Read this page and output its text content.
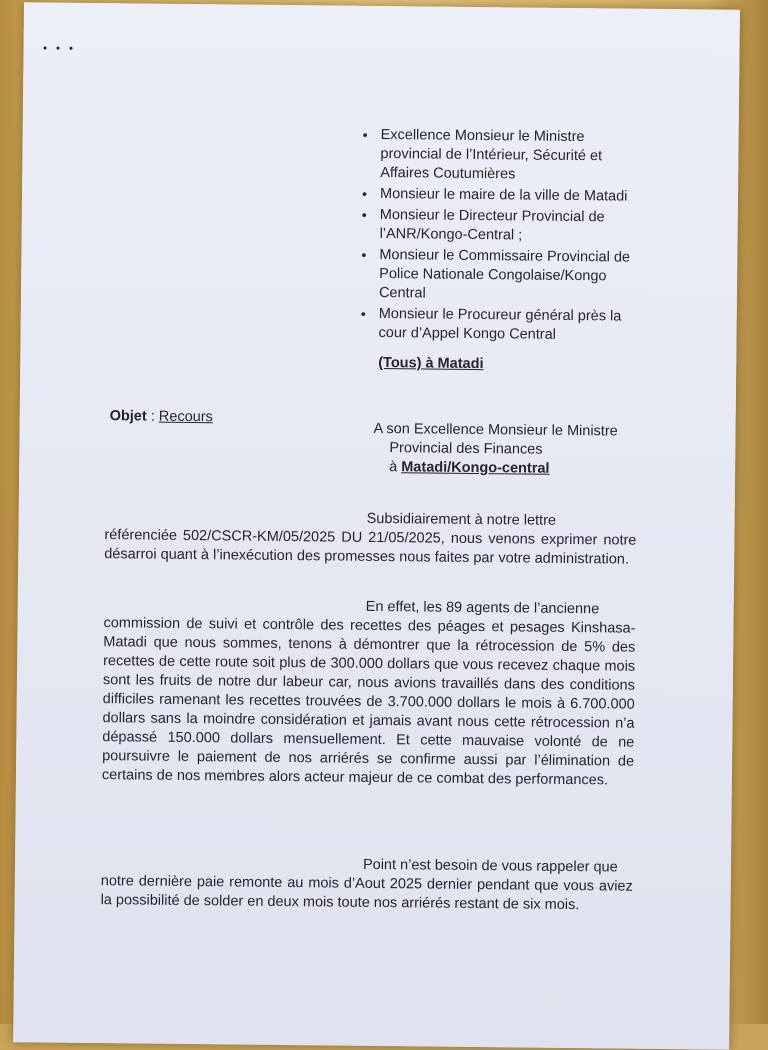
• Excellence Monsieur le Ministre provincial de l’Intérieur, Sécurité et Affaires Coutumières
• Monsieur le maire de la ville de Matadi
• Monsieur le Directeur Provincial de l’ANR/Kongo-Central ;
• Monsieur le Commissaire Provincial de Police Nationale Congolaise/Kongo Central
• Monsieur le Procureur général près la cour d’Appel Kongo Central
(Tous) à Matadi
Objet : Recours
A son Excellence Monsieur le Ministre
Provincial des Finances
à Matadi/Kongo-central
Subsidiairement à notre lettre
référenciée 502/CSCR-KM/05/2025 DU 21/05/2025, nous venons exprimer notre désarroi quant à l’inexécution des promesses nous faites par votre administration.
En effet, les 89 agents de l’ancienne
commission de suivi et contrôle des recettes des péages et pesages Kinshasa-Matadi que nous sommes, tenons à démontrer que la rétrocession de 5% des recettes de cette route soit plus de 300.000 dollars que vous recevez chaque mois sont les fruits de notre dur labeur car, nous avions travaillés dans des conditions difficiles ramenant les recettes trouvées de 3.700.000 dollars le mois à 6.700.000 dollars sans la moindre considération et jamais avant nous cette rétrocession n’a dépassé 150.000 dollars mensuellement. Et cette mauvaise volonté de ne poursuivre le paiement de nos arriérés se confirme aussi par l’élimination de certains de nos membres alors acteur majeur de ce combat des performances.
Point n’est besoin de vous rappeler que
notre dernière paie remonte au mois d’Aout 2025 dernier pendant que vous aviez la possibilité de solder en deux mois toute nos arriérés restant de six mois.
